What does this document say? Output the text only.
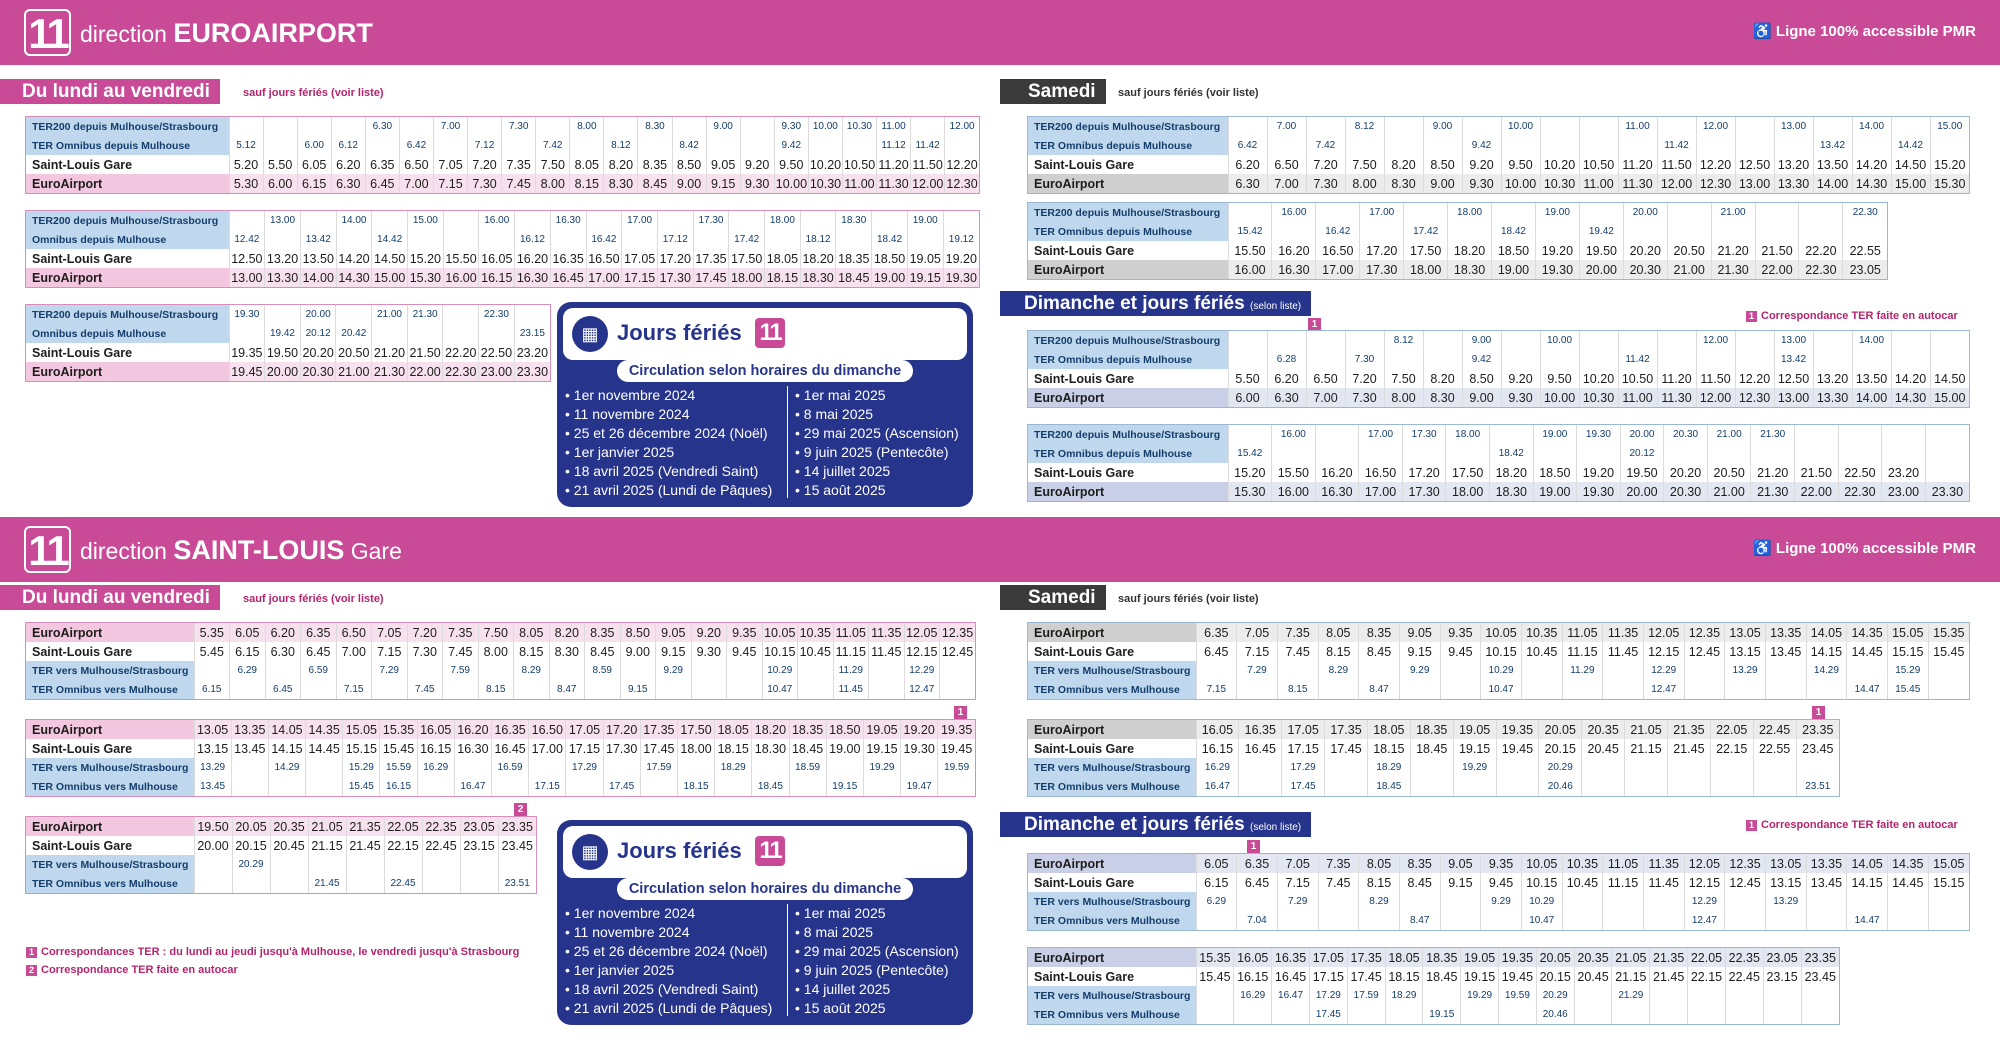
11 direction EUROAIRPORT	♿ Ligne 100% accessible PMR
Du lundi au vendredi	sauf jours fériés (voir liste)	Samedi	sauf jours fériés (voir liste)
Dimanche et jours fériés (selon liste)
1 Correspondance TER faite en autocar
1
11 direction SAINT-LOUIS Gare	♿ Ligne 100% accessible PMR
Du lundi au vendredi	sauf jours fériés (voir liste)	Samedi	sauf jours fériés (voir liste)
Dimanche et jours fériés (selon liste)	1 Correspondance TER faite en autocar
1
1 Correspondances TER : du lundi au jeudi jusqu'à Mulhouse, le vendredi jusqu'à Strasbourg
2 Correspondance TER faite en autocar
▦ Jours fériés 11
Circulation selon horaires du dimanche
• 1er novembre 2024
• 11 novembre 2024
• 25 et 26 décembre 2024 (Noël)
• 1er janvier 2025
• 18 avril 2025 (Vendredi Saint)
• 21 avril 2025 (Lundi de Pâques)
• 1er mai 2025
• 8 mai 2025
• 29 mai 2025 (Ascension)
• 9 juin 2025 (Pentecôte)
• 14 juillet 2025
• 15 août 2025
▦ Jours fériés 11
Circulation selon horaires du dimanche
• 1er novembre 2024
• 11 novembre 2024
• 25 et 26 décembre 2024 (Noël)
• 1er janvier 2025
• 18 avril 2025 (Vendredi Saint)
• 21 avril 2025 (Lundi de Pâques)
• 1er mai 2025
• 8 mai 2025
• 29 mai 2025 (Ascension)
• 9 juin 2025 (Pentecôte)
• 14 juillet 2025
• 15 août 2025
TER200 depuis Mulhouse/Strasbourg					6.30		7.00		7.30		8.00		8.30		9.00		9.30	10.00	10.30	11.00		12.00
TER Omnibus depuis Mulhouse	5.12		6.00	6.12		6.42		7.12		7.42		8.12		8.42			9.42			11.12	11.42	
Saint-Louis Gare	5.20	5.50	6.05	6.20	6.35	6.50	7.05	7.20	7.35	7.50	8.05	8.20	8.35	8.50	9.05	9.20	9.50	10.20	10.50	11.20	11.50	12.20
EuroAirport	5.30	6.00	6.15	6.30	6.45	7.00	7.15	7.30	7.45	8.00	8.15	8.30	8.45	9.00	9.15	9.30	10.00	10.30	11.00	11.30	12.00	12.30
TER200 depuis Mulhouse/Strasbourg		13.00		14.00		15.00		16.00		16.30		17.00		17.30		18.00		18.30		19.00	
Omnibus depuis Mulhouse	12.42		13.42		14.42				16.12		16.42		17.12		17.42		18.12		18.42		19.12
Saint-Louis Gare	12.50	13.20	13.50	14.20	14.50	15.20	15.50	16.05	16.20	16.35	16.50	17.05	17.20	17.35	17.50	18.05	18.20	18.35	18.50	19.05	19.20
EuroAirport	13.00	13.30	14.00	14.30	15.00	15.30	16.00	16.15	16.30	16.45	17.00	17.15	17.30	17.45	18.00	18.15	18.30	18.45	19.00	19.15	19.30
TER200 depuis Mulhouse/Strasbourg	19.30		20.00		21.00	21.30		22.30	
Omnibus depuis Mulhouse		19.42	20.12	20.42					23.15
Saint-Louis Gare	19.35	19.50	20.20	20.50	21.20	21.50	22.20	22.50	23.20
EuroAirport	19.45	20.00	20.30	21.00	21.30	22.00	22.30	23.00	23.30
TER200 depuis Mulhouse/Strasbourg		7.00		8.12		9.00		10.00			11.00		12.00		13.00		14.00		15.00
TER Omnibus depuis Mulhouse	6.42		7.42				9.42					11.42				13.42		14.42	
Saint-Louis Gare	6.20	6.50	7.20	7.50	8.20	8.50	9.20	9.50	10.20	10.50	11.20	11.50	12.20	12.50	13.20	13.50	14.20	14.50	15.20
EuroAirport	6.30	7.00	7.30	8.00	8.30	9.00	9.30	10.00	10.30	11.00	11.30	12.00	12.30	13.00	13.30	14.00	14.30	15.00	15.30
TER200 depuis Mulhouse/Strasbourg		16.00		17.00		18.00		19.00		20.00		21.00			22.30
TER Omnibus depuis Mulhouse	15.42		16.42		17.42		18.42		19.42						
Saint-Louis Gare	15.50	16.20	16.50	17.20	17.50	18.20	18.50	19.20	19.50	20.20	20.50	21.20	21.50	22.20	22.55
EuroAirport	16.00	16.30	17.00	17.30	18.00	18.30	19.00	19.30	20.00	20.30	21.00	21.30	22.00	22.30	23.05
TER200 depuis Mulhouse/Strasbourg					8.12		9.00		10.00				12.00		13.00		14.00		
TER Omnibus depuis Mulhouse		6.28		7.30			9.42				11.42				13.42				
Saint-Louis Gare	5.50	6.20	6.50	7.20	7.50	8.20	8.50	9.20	9.50	10.20	10.50	11.20	11.50	12.20	12.50	13.20	13.50	14.20	14.50
EuroAirport	6.00	6.30	7.00	7.30	8.00	8.30	9.00	9.30	10.00	10.30	11.00	11.30	12.00	12.30	13.00	13.30	14.00	14.30	15.00
TER200 depuis Mulhouse/Strasbourg		16.00		17.00	17.30	18.00		19.00	19.30	20.00	20.30	21.00	21.30				
TER Omnibus depuis Mulhouse	15.42						18.42			20.12							
Saint-Louis Gare	15.20	15.50	16.20	16.50	17.20	17.50	18.20	18.50	19.20	19.50	20.20	20.50	21.20	21.50	22.50	23.20	
EuroAirport	15.30	16.00	16.30	17.00	17.30	18.00	18.30	19.00	19.30	20.00	20.30	21.00	21.30	22.00	22.30	23.00	23.30
EuroAirport	5.35	6.05	6.20	6.35	6.50	7.05	7.20	7.35	7.50	8.05	8.20	8.35	8.50	9.05	9.20	9.35	10.05	10.35	11.05	11.35	12.05	12.35
Saint-Louis Gare	5.45	6.15	6.30	6.45	7.00	7.15	7.30	7.45	8.00	8.15	8.30	8.45	9.00	9.15	9.30	9.45	10.15	10.45	11.15	11.45	12.15	12.45
TER vers Mulhouse/Strasbourg		6.29		6.59		7.29		7.59		8.29		8.59		9.29			10.29		11.29		12.29	
TER Omnibus vers Mulhouse	6.15		6.45		7.15		7.45		8.15		8.47		9.15				10.47		11.45		12.47	
EuroAirport	13.05	13.35	14.05	14.35	15.05	15.35	16.05	16.20	16.35	16.50	17.05	17.20	17.35	17.50	18.05	18.20	18.35	18.50	19.05	19.20	19.35
Saint-Louis Gare	13.15	13.45	14.15	14.45	15.15	15.45	16.15	16.30	16.45	17.00	17.15	17.30	17.45	18.00	18.15	18.30	18.45	19.00	19.15	19.30	19.45
TER vers Mulhouse/Strasbourg	13.29		14.29		15.29	15.59	16.29		16.59		17.29		17.59		18.29		18.59		19.29		19.59
TER Omnibus vers Mulhouse	13.45				15.45	16.15		16.47		17.15		17.45		18.15		18.45		19.15		19.47	
1
EuroAirport	19.50	20.05	20.35	21.05	21.35	22.05	22.35	23.05	23.35
Saint-Louis Gare	20.00	20.15	20.45	21.15	21.45	22.15	22.45	23.15	23.45
TER vers Mulhouse/Strasbourg		20.29							
TER Omnibus vers Mulhouse				21.45		22.45			23.51
2
EuroAirport	6.35	7.05	7.35	8.05	8.35	9.05	9.35	10.05	10.35	11.05	11.35	12.05	12.35	13.05	13.35	14.05	14.35	15.05	15.35
Saint-Louis Gare	6.45	7.15	7.45	8.15	8.45	9.15	9.45	10.15	10.45	11.15	11.45	12.15	12.45	13.15	13.45	14.15	14.45	15.15	15.45
TER vers Mulhouse/Strasbourg		7.29		8.29		9.29		10.29		11.29		12.29		13.29		14.29		15.29	
TER Omnibus vers Mulhouse	7.15		8.15		8.47			10.47				12.47					14.47	15.45	
EuroAirport	16.05	16.35	17.05	17.35	18.05	18.35	19.05	19.35	20.05	20.35	21.05	21.35	22.05	22.45	23.35
Saint-Louis Gare	16.15	16.45	17.15	17.45	18.15	18.45	19.15	19.45	20.15	20.45	21.15	21.45	22.15	22.55	23.45
TER vers Mulhouse/Strasbourg	16.29		17.29		18.29		19.29		20.29						
TER Omnibus vers Mulhouse	16.47		17.45		18.45				20.46						23.51
1
EuroAirport	6.05	6.35	7.05	7.35	8.05	8.35	9.05	9.35	10.05	10.35	11.05	11.35	12.05	12.35	13.05	13.35	14.05	14.35	15.05
Saint-Louis Gare	6.15	6.45	7.15	7.45	8.15	8.45	9.15	9.45	10.15	10.45	11.15	11.45	12.15	12.45	13.15	13.45	14.15	14.45	15.15
TER vers Mulhouse/Strasbourg	6.29		7.29		8.29			9.29	10.29				12.29		13.29				
TER Omnibus vers Mulhouse		7.04				8.47			10.47				12.47				14.47		
EuroAirport	15.35	16.05	16.35	17.05	17.35	18.05	18.35	19.05	19.35	20.05	20.35	21.05	21.35	22.05	22.35	23.05	23.35
Saint-Louis Gare	15.45	16.15	16.45	17.15	17.45	18.15	18.45	19.15	19.45	20.15	20.45	21.15	21.45	22.15	22.45	23.15	23.45
TER vers Mulhouse/Strasbourg		16.29	16.47	17.29	17.59	18.29		19.29	19.59	20.29		21.29					
TER Omnibus vers Mulhouse				17.45			19.15			20.46							
